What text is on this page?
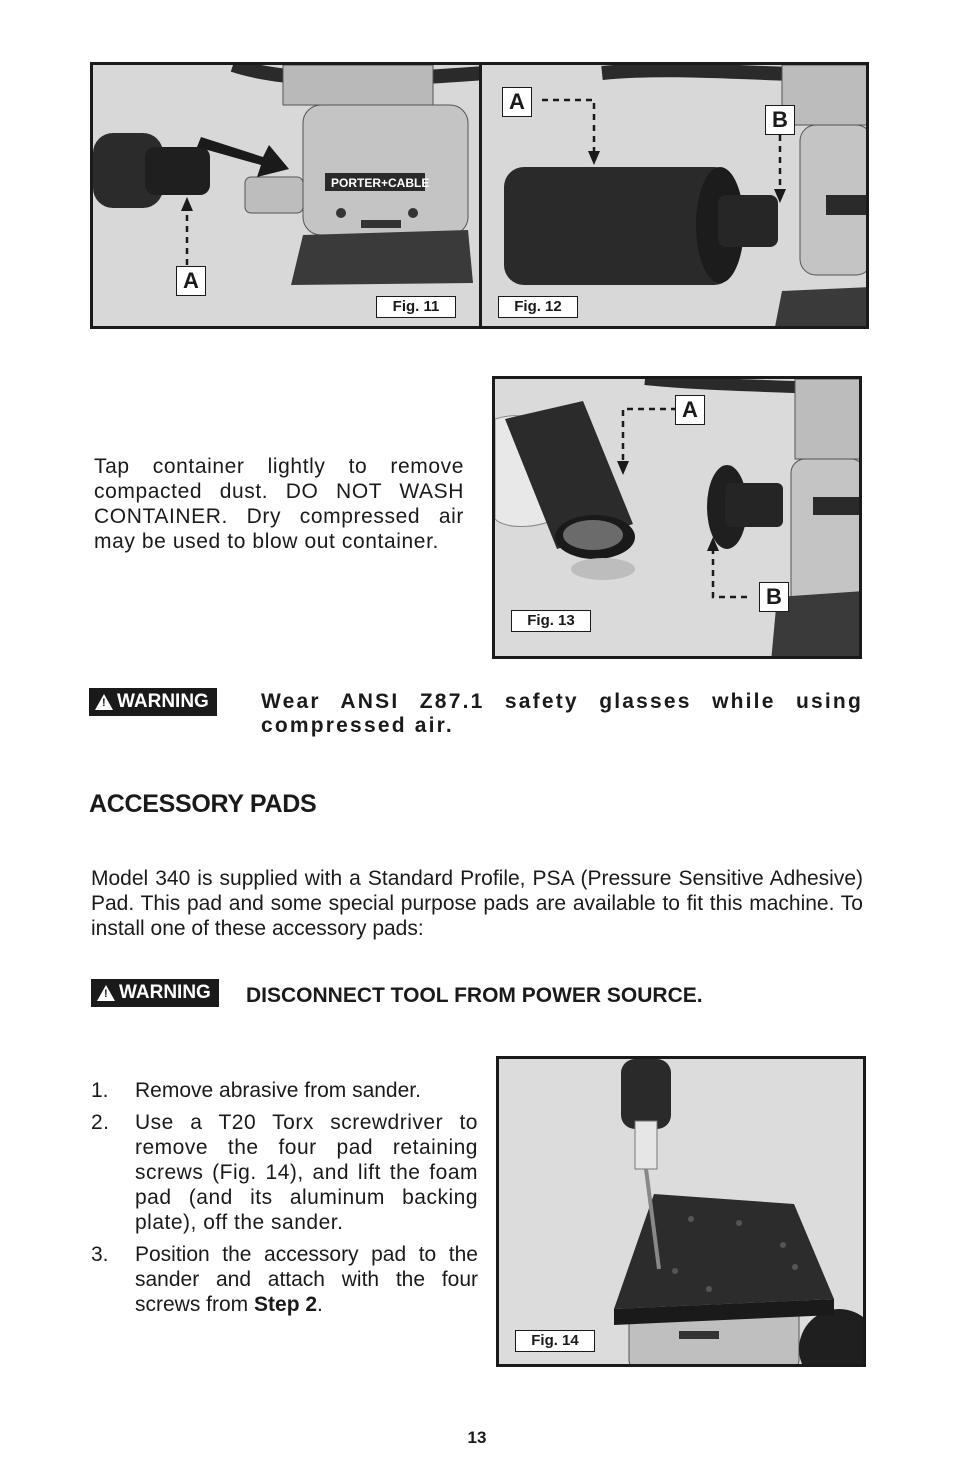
PORTER+CABLE
A
Fig. 11
A
B
Fig. 12
Tap container lightly to remove compacted dust. DO NOT WASH CONTAINER. Dry compressed air may be used to blow out container.
A
B
Fig. 13
! WARNING Wear ANSI Z87.1 safety glasses while using compressed air.
ACCESSORY PADS
Model 340 is supplied with a Standard Profile, PSA (Pressure Sensitive Adhesive) Pad. This pad and some special purpose pads are available to fit this machine. To install one of these accessory pads:
! WARNING DISCONNECT TOOL FROM POWER SOURCE.
1. Remove abrasive from sander.
2. Use a T20 Torx screwdriver to remove the four pad retaining screws (Fig. 14), and lift the foam pad (and its aluminum backing plate), off the sander.
3. Position the accessory pad to the sander and attach with the four screws from Step 2.
Fig. 14
13
